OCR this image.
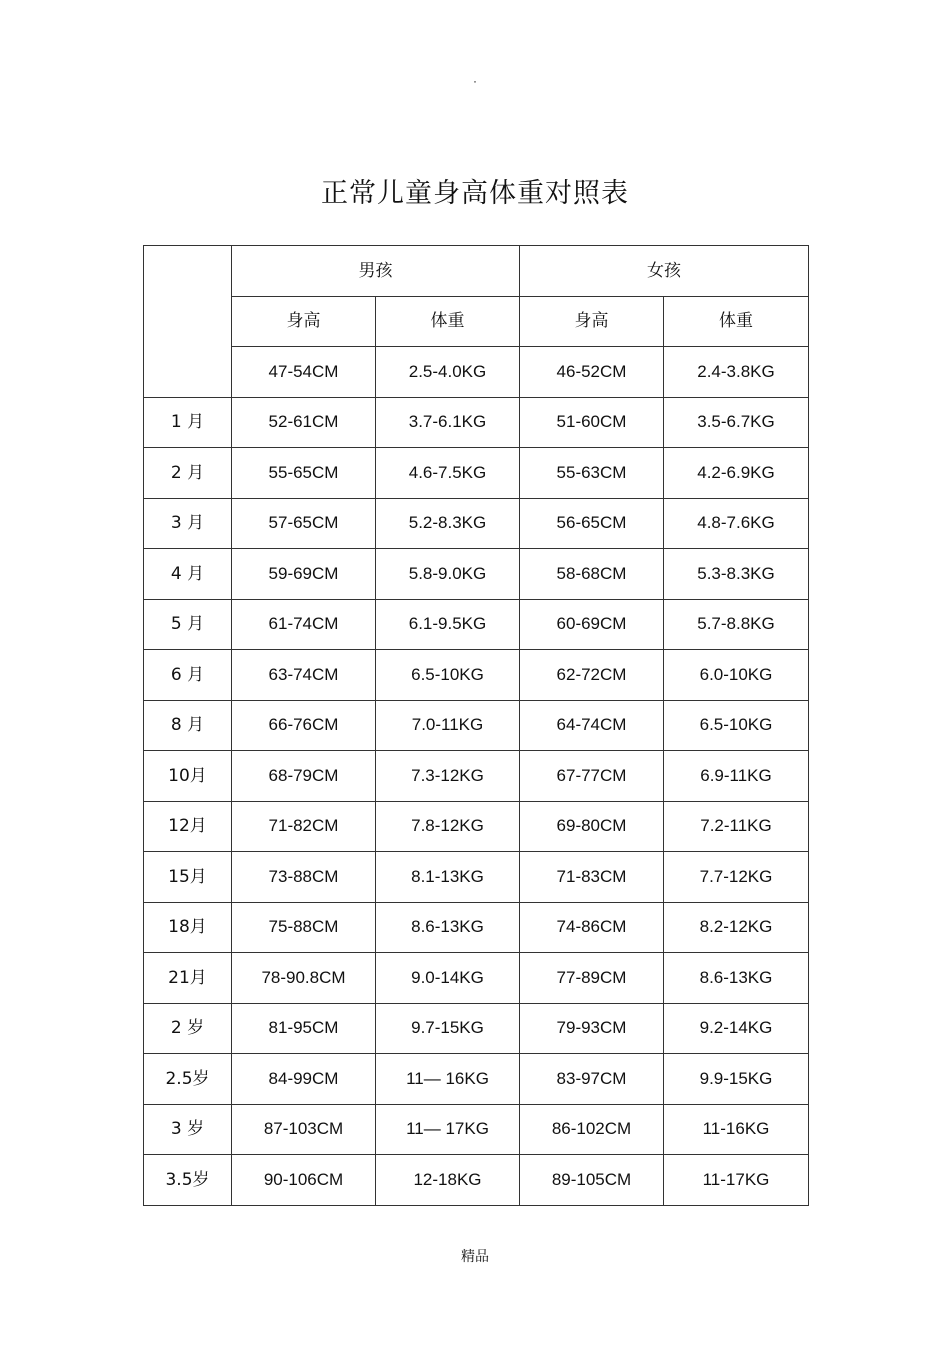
·
正常儿童身高体重对照表
	男孩		女孩	
	身高	体重	身高	体重
	47-54CM	2.5-4.0KG	46-52CM	2.4-3.8KG
1 月	52-61CM	3.7-6.1KG	51-60CM	3.5-6.7KG
2 月	55-65CM	4.6-7.5KG	55-63CM	4.2-6.9KG
3 月	57-65CM	5.2-8.3KG	56-65CM	4.8-7.6KG
4 月	59-69CM	5.8-9.0KG	58-68CM	5.3-8.3KG
5 月	61-74CM	6.1-9.5KG	60-69CM	5.7-8.8KG
6 月	63-74CM	6.5-10KG	62-72CM	6.0-10KG
8 月	66-76CM	7.0-11KG	64-74CM	6.5-10KG
10月	68-79CM	7.3-12KG	67-77CM	6.9-11KG
12月	71-82CM	7.8-12KG	69-80CM	7.2-11KG
15月	73-88CM	8.1-13KG	71-83CM	7.7-12KG
18月	75-88CM	8.6-13KG	74-86CM	8.2-12KG
21月	78-90.8CM	9.0-14KG	77-89CM	8.6-13KG
2 岁	81-95CM	9.7-15KG	79-93CM	9.2-14KG
2.5岁	84-99CM	11— 16KG	83-97CM	9.9-15KG
3 岁	87-103CM	11— 17KG	86-102CM	11-16KG
3.5岁	90-106CM	12-18KG	89-105CM	11-17KG
精品
